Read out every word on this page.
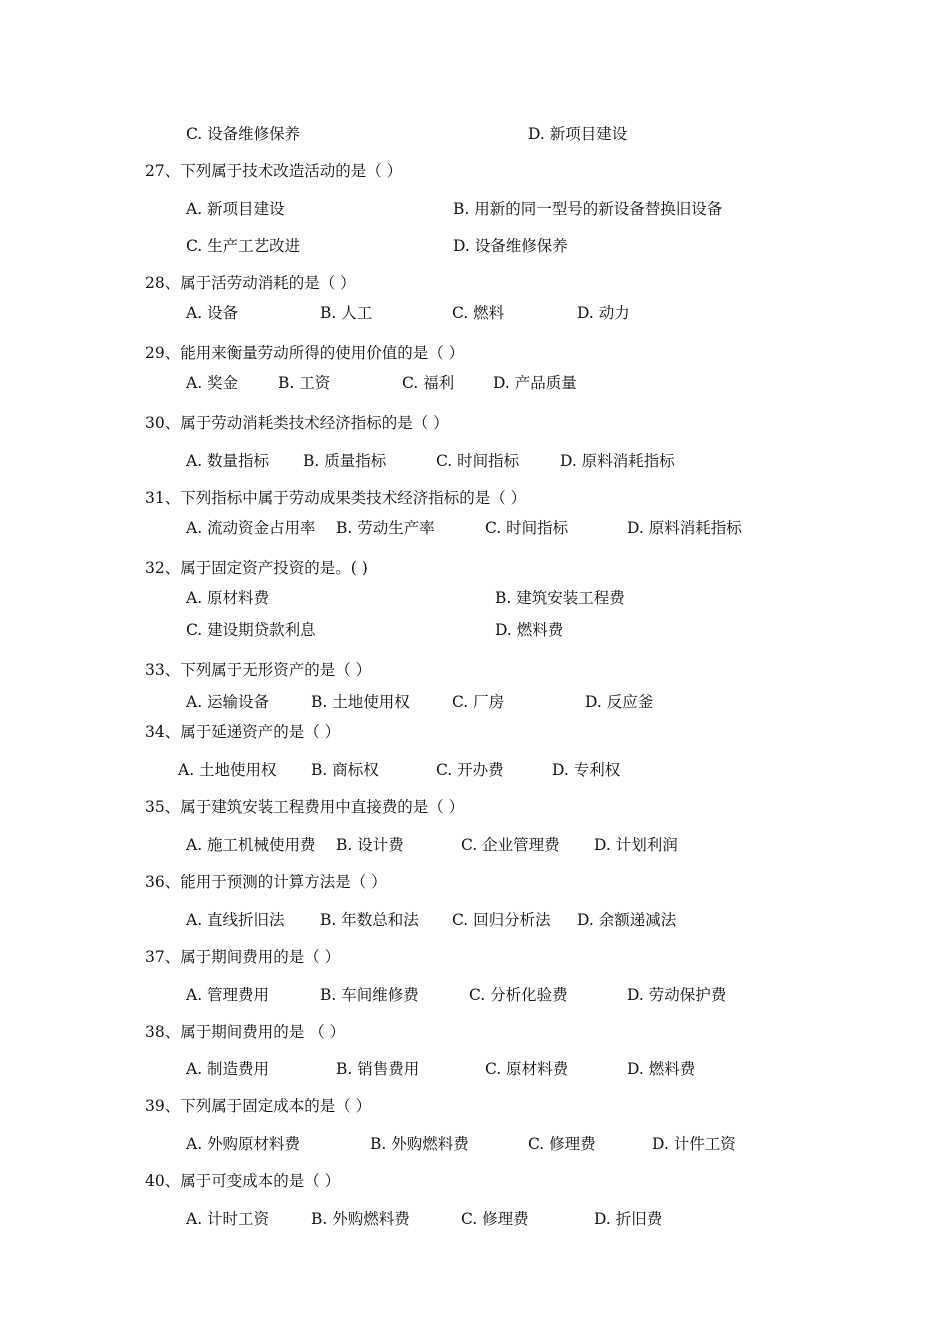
C. 设备维修保养	D. 新项目建设
27、下列属于技术改造活动的是（ ）
A. 新项目建设	B. 用新的同一型号的新设备替换旧设备
C. 生产工艺改进	D. 设备维修保养
28、属于活劳动消耗的是（ ）
A. 设备	B. 人工	C. 燃料	D. 动力
29、能用来衡量劳动所得的使用价值的是（ ）
A. 奖金	B. 工资	C. 福利	D. 产品质量
30、属于劳动消耗类技术经济指标的是（ ）
A. 数量指标 B. 质量指标	C. 时间指标	D. 原料消耗指标
31、下列指标中属于劳动成果类技术经济指标的是（ ）
A. 流动资金占用率 B. 劳动生产率	C. 时间指标	D. 原料消耗指标
32、属于固定资产投资的是。( )
A. 原材料费	B. 建筑安装工程费
C. 建设期贷款利息	D. 燃料费
33、下列属于无形资产的是（ ）
A. 运输设备	B. 土地使用权	C. 厂房	D. 反应釜
34、属于延递资产的是（ ）
A. 土地使用权 B. 商标权	C. 开办费	D. 专利权
35、属于建筑安装工程费用中直接费的是（ ）
A. 施工机械使用费 B. 设计费	C. 企业管理费 D. 计划利润
36、能用于预测的计算方法是（ ）
A. 直线折旧法 B. 年数总和法 C. 回归分析法 D. 余额递减法
37、属于期间费用的是（ ）
A. 管理费用	B. 车间维修费	C. 分析化验费	D. 劳动保护费
38、属于期间费用的是 （ ）
A. 制造费用	B. 销售费用	C. 原材料费	D. 燃料费
39、下列属于固定成本的是（ ）
A. 外购原材料费	B. 外购燃料费	C. 修理费	D. 计件工资
40、属于可变成本的是（ ）
A. 计时工资	B. 外购燃料费	C. 修理费	D. 折旧费
